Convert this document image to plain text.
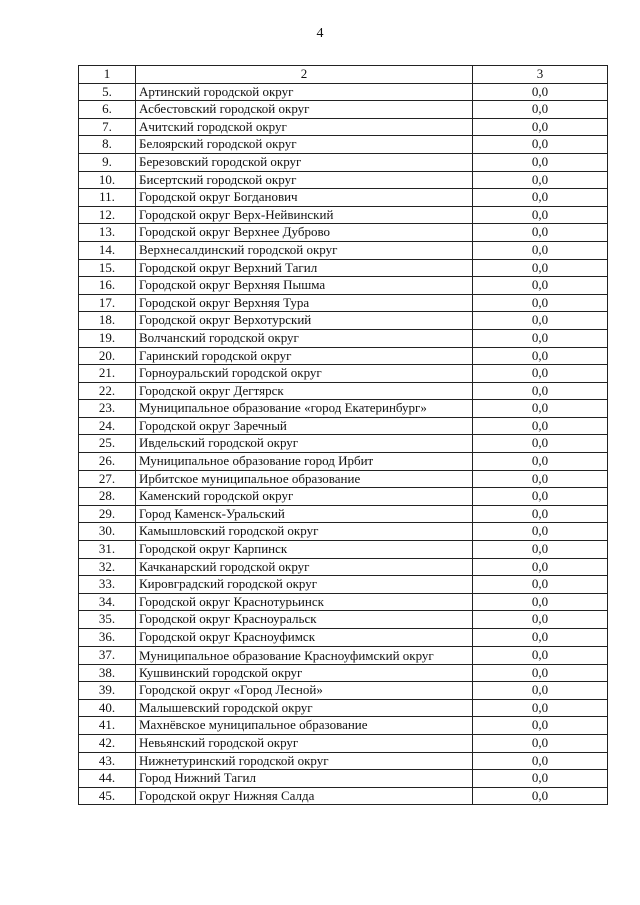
4
1	2	3
5.	Артинский городской округ	0,0
6.	Асбестовский городской округ	0,0
7.	Ачитский городской округ	0,0
8.	Белоярский городской округ	0,0
9.	Березовский городской округ	0,0
10.	Бисертский городской округ	0,0
11.	Городской округ Богданович	0,0
12.	Городской округ Верх-Нейвинский	0,0
13.	Городской округ Верхнее Дуброво	0,0
14.	Верхнесалдинский городской округ	0,0
15.	Городской округ Верхний Тагил	0,0
16.	Городской округ Верхняя Пышма	0,0
17.	Городской округ Верхняя Тура	0,0
18.	Городской округ Верхотурский	0,0
19.	Волчанский городской округ	0,0
20.	Гаринский городской округ	0,0
21.	Горноуральский городской округ	0,0
22.	Городской округ Дегтярск	0,0
23.	Муниципальное образование «город Екатеринбург»	0,0
24.	Городской округ Заречный	0,0
25.	Ивдельский городской округ	0,0
26.	Муниципальное образование город Ирбит	0,0
27.	Ирбитское муниципальное образование	0,0
28.	Каменский городской округ	0,0
29.	Город Каменск-Уральский	0,0
30.	Камышловский городской округ	0,0
31.	Городской округ Карпинск	0,0
32.	Качканарский городской округ	0,0
33.	Кировградский городской округ	0,0
34.	Городской округ Краснотурьинск	0,0
35.	Городской округ Красноуральск	0,0
36.	Городской округ Красноуфимск	0,0
37.	Муниципальное образование Красноуфимский округ	0,0
38.	Кушвинский городской округ	0,0
39.	Городской округ «Город Лесной»	0,0
40.	Малышевский городской округ	0,0
41.	Махнёвское муниципальное образование	0,0
42.	Невьянский городской округ	0,0
43.	Нижнетуринский городской округ	0,0
44.	Город Нижний Тагил	0,0
45.	Городской округ Нижняя Салда	0,0
